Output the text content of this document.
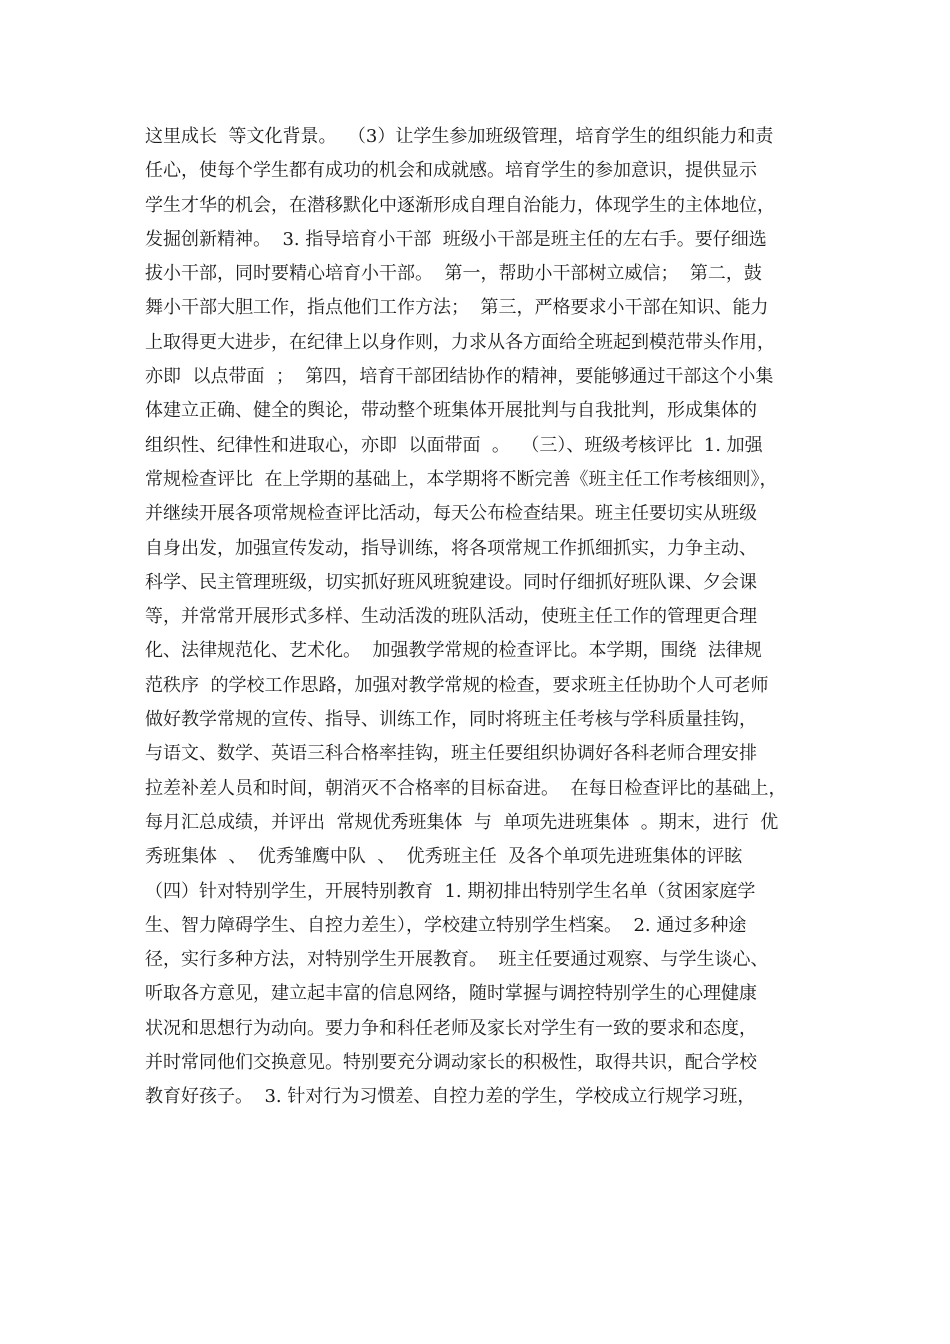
这里成长  等文化背景。  （3）让学生参加班级管理，培育学生的组织能力和责
任心，使每个学生都有成功的机会和成就感。培育学生的参加意识，提供显示
学生才华的机会，在潜移默化中逐渐形成自理自治能力，体现学生的主体地位，
发掘创新精神。  3. 指导培育小干部  班级小干部是班主任的左右手。要仔细选
拔小干部，同时要精心培育小干部。  第一，帮助小干部树立威信；  第二，鼓
舞小干部大胆工作，指点他们工作方法；  第三，严格要求小干部在知识、能力
上取得更大进步，在纪律上以身作则，力求从各方面给全班起到模范带头作用，
亦即  以点带面  ；  第四，培育干部团结协作的精神，要能够通过干部这个小集
体建立正确、健全的舆论，带动整个班集体开展批判与自我批判，形成集体的
组织性、纪律性和进取心，亦即  以面带面  。  （三）、班级考核评比  1. 加强
常规检查评比  在上学期的基础上，本学期将不断完善《班主任工作考核细则》，
并继续开展各项常规检查评比活动，每天公布检查结果。班主任要切实从班级
自身出发，加强宣传发动，指导训练，将各项常规工作抓细抓实，力争主动、
科学、民主管理班级，切实抓好班风班貌建设。同时仔细抓好班队课、夕会课
等，并常常开展形式多样、生动活泼的班队活动，使班主任工作的管理更合理
化、法律规范化、艺术化。  加强教学常规的检查评比。本学期，围绕  法律规
范秩序  的学校工作思路，加强对教学常规的检查，要求班主任协助个人可老师
做好教学常规的宣传、指导、训练工作，同时将班主任考核与学科质量挂钩，
与语文、数学、英语三科合格率挂钩，班主任要组织协调好各科老师合理安排
拉差补差人员和时间，朝消灭不合格率的目标奋进。  在每日检查评比的基础上，
每月汇总成绩，并评出  常规优秀班集体  与  单项先进班集体  。期末，进行  优
秀班集体  、  优秀雏鹰中队  、  优秀班主任  及各个单项先进班集体的评眩
（四）针对特别学生，开展特别教育  1. 期初排出特别学生名单（贫困家庭学
生、智力障碍学生、自控力差生），学校建立特别学生档案。  2. 通过多种途
径，实行多种方法，对特别学生开展教育。  班主任要通过观察、与学生谈心、
听取各方意见，建立起丰富的信息网络，随时掌握与调控特别学生的心理健康
状况和思想行为动向。要力争和科任老师及家长对学生有一致的要求和态度，
并时常同他们交换意见。特别要充分调动家长的积极性，取得共识，配合学校
教育好孩子。  3. 针对行为习惯差、自控力差的学生，学校成立行规学习班，
